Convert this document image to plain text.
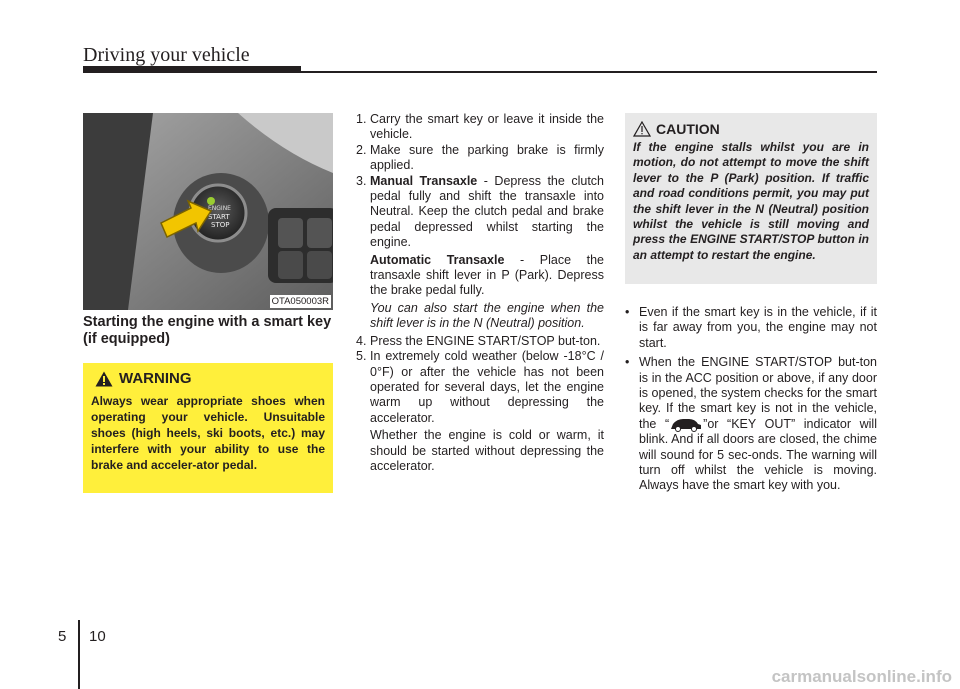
Driving your vehicle
ENGINE
START
STOP
OTA050003R
Starting the engine with a smart key (if equipped)
WARNING
Always wear appropriate shoes when operating your vehicle. Unsuitable shoes (high heels, ski boots, etc.) may interfere with your ability to use the brake and acceler-ator pedal.
1. Carry the smart key or leave it inside the vehicle.
2. Make sure the parking brake is firmly applied.
3. Manual Transaxle - Depress the clutch pedal fully and shift the transaxle into Neutral. Keep the clutch pedal and brake pedal depressed whilst starting the engine.

Automatic Transaxle - Place the transaxle shift lever in P (Park). Depress the brake pedal fully.

You can also start the engine when the shift lever is in the N (Neutral) position.

4. Press the ENGINE START/STOP but-ton.
5. In extremely cold weather (below -18°C / 0°F) or after the vehicle has not been operated for several days, let the engine warm up without depressing the accelerator.

Whether the engine is cold or warm, it should be started without depressing the accelerator.

CAUTION
If the engine stalls whilst you are in motion, do not attempt to move the shift lever to the P (Park) position. If traffic and road conditions permit, you may put the shift lever in the N (Neutral) position whilst the vehicle is still moving and press the ENGINE START/STOP button in an attempt to restart the engine.
• Even if the smart key is in the vehicle, if it is far away from you, the engine may not start.
• When the ENGINE START/STOP but-ton is in the ACC position or above, if any door is opened, the system checks for the smart key. If the smart key is not in the vehicle, the “	”or “KEY OUT” indicator will blink. And if all doors are closed, the chime will sound for 5 sec-onds. The warning will turn off whilst the vehicle is moving. Always have the smart key with you.
5 10
carmanualsonline.info
